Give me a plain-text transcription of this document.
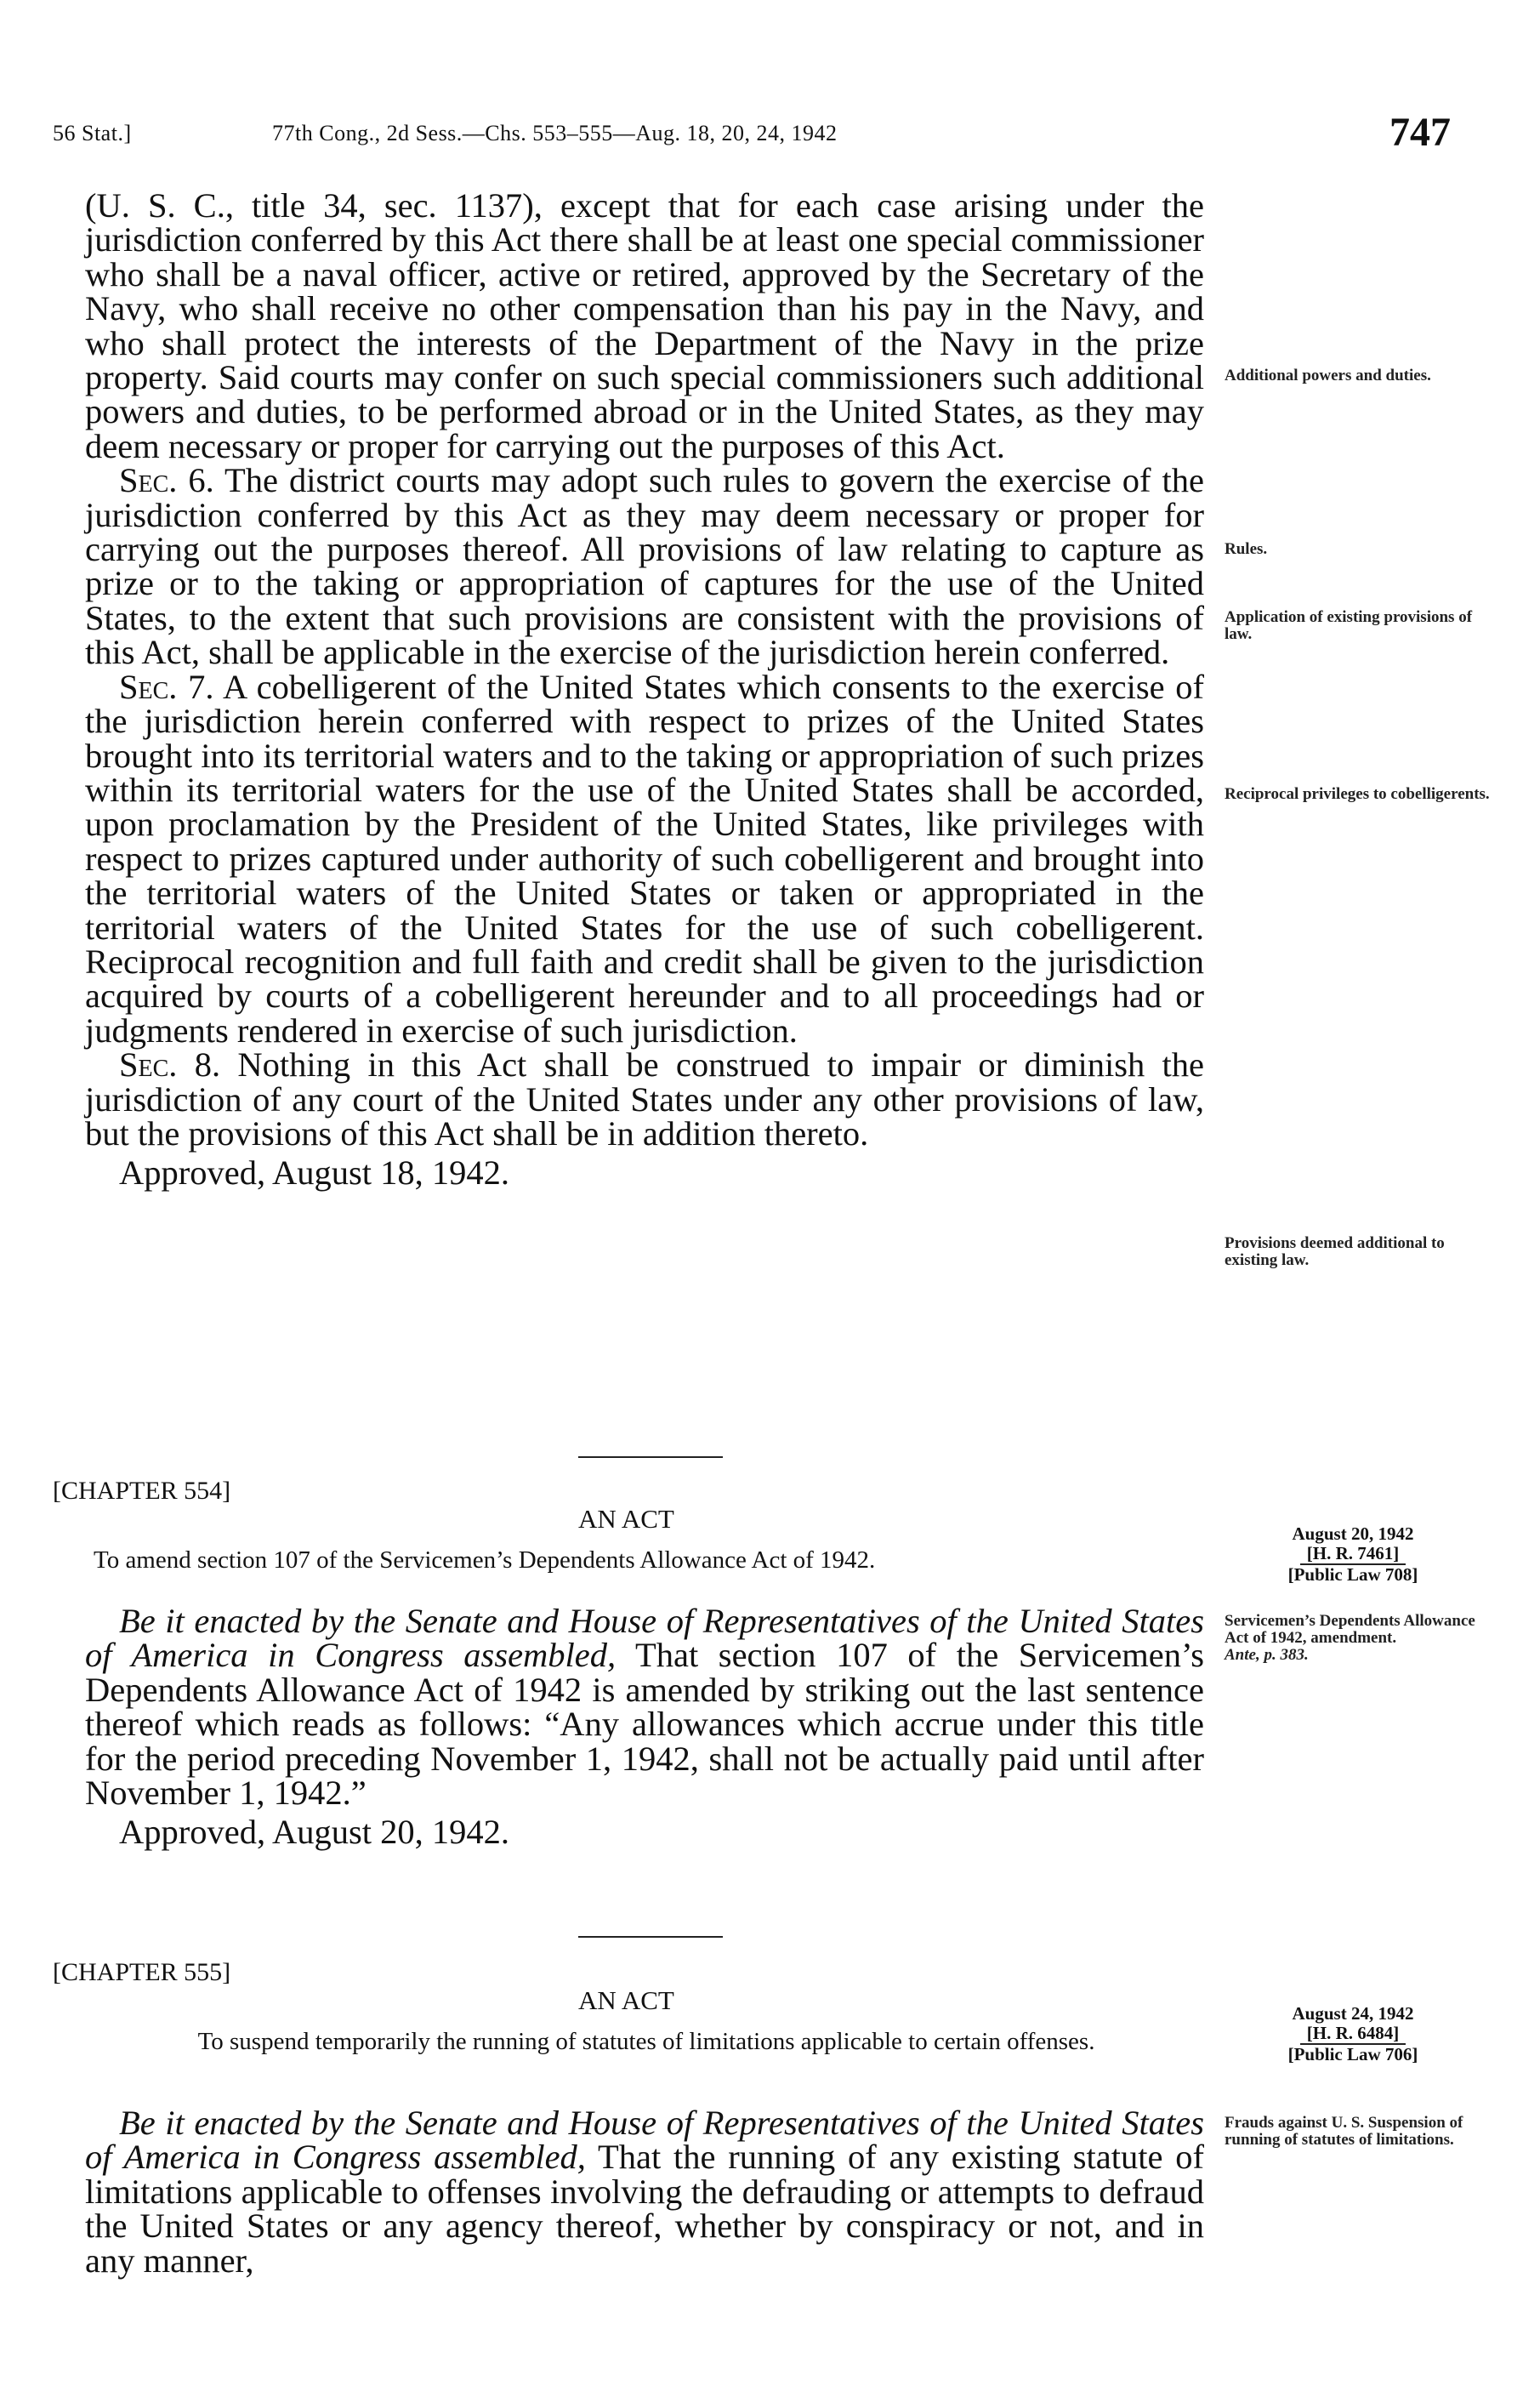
56 Stat.]	77th Cong., 2d Sess.—Chs. 553–555—Aug. 18, 20, 24, 1942	747

(U. S. C., title 34, sec. 1137), except that for each case arising under the jurisdiction conferred by this Act there shall be at least one special commissioner who shall be a naval officer, active or retired, approved by the Secretary of the Navy, who shall receive no other compensation than his pay in the Navy, and who shall protect the interests of the Department of the Navy in the prize property. Said courts may confer on such special commissioners such additional powers and duties, to be performed abroad or in the United States, as they may deem necessary or proper for carrying out the purposes of this Act.

Sec. 6. The district courts may adopt such rules to govern the exercise of the jurisdiction conferred by this Act as they may deem necessary or proper for carrying out the purposes thereof. All provisions of law relating to capture as prize or to the taking or appropriation of captures for the use of the United States, to the extent that such provisions are consistent with the provisions of this Act, shall be applicable in the exercise of the jurisdiction herein conferred.

Sec. 7. A cobelligerent of the United States which consents to the exercise of the jurisdiction herein conferred with respect to prizes of the United States brought into its territorial waters and to the taking or appropriation of such prizes within its territorial waters for the use of the United States shall be accorded, upon proclamation by the President of the United States, like privileges with respect to prizes captured under authority of such cobelligerent and brought into the territorial waters of the United States or taken or appropriated in the territorial waters of the United States for the use of such cobelligerent. Reciprocal recognition and full faith and credit shall be given to the jurisdiction acquired by courts of a cobelligerent hereunder and to all proceedings had or judgments rendered in exercise of such jurisdiction.

Sec. 8. Nothing in this Act shall be construed to impair or diminish the jurisdiction of any court of the United States under any other provisions of law, but the provisions of this Act shall be in addition thereto.

Approved, August 18, 1942.

Additional powers and duties.
Rules.
Application of existing provisions of law.
Reciprocal privileges to cobelligerents.
Provisions deemed additional to existing law.
[CHAPTER 554]
AN ACT
To amend section 107 of the Servicemen’s Dependents Allowance Act of 1942.
August 20, 1942
[H. R. 7461]
[Public Law 708]

Be it enacted by the Senate and House of Representatives of the United States of America in Congress assembled, That section 107 of the Servicemen’s Dependents Allowance Act of 1942 is amended by striking out the last sentence thereof which reads as follows: “Any allowances which accrue under this title for the period preceding November 1, 1942, shall not be actually paid until after November 1, 1942.”

Approved, August 20, 1942.

Servicemen’s Dependents Allowance Act of 1942, amendment.
Ante, p. 383.
[CHAPTER 555]
AN ACT
To suspend temporarily the running of statutes of limitations applicable to certain offenses.
August 24, 1942
[H. R. 6484]
[Public Law 706]

Be it enacted by the Senate and House of Representatives of the United States of America in Congress assembled, That the running of any existing statute of limitations applicable to offenses involving the defrauding or attempts to defraud the United States or any agency thereof, whether by conspiracy or not, and in any manner,

Frauds against U. S. Suspension of running of statutes of limitations.
